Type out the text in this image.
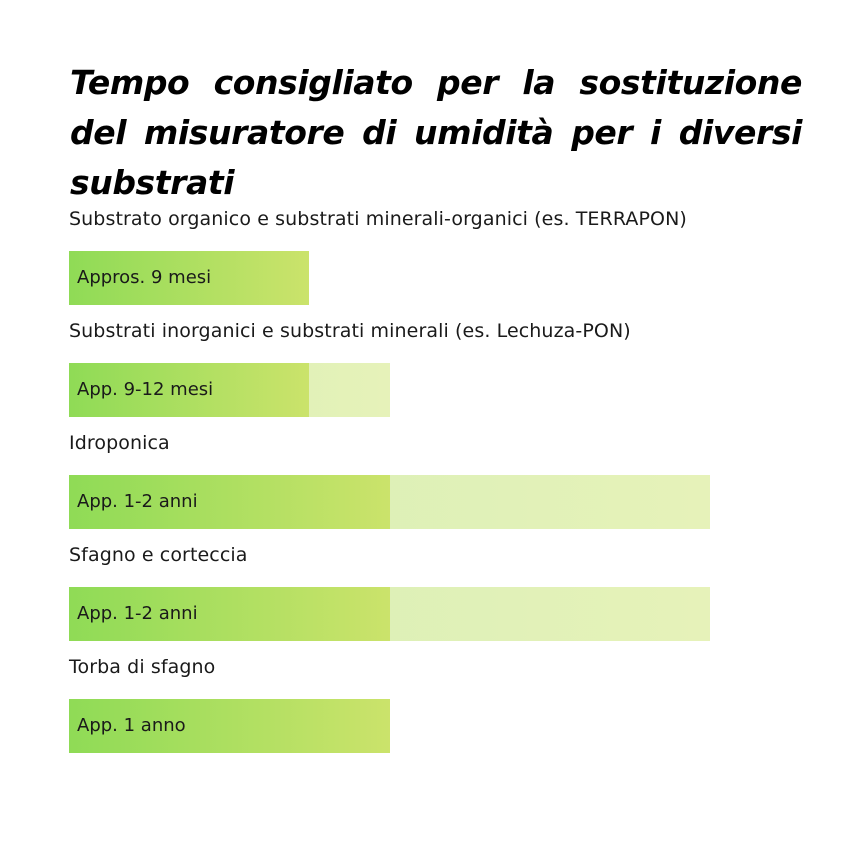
Tempo consigliato per la sostituzione del misuratore di umidità per i diversi substrati
Substrato organico e substrati minerali-organici (es. TERRAPON)
Appros. 9 mesi
Substrati inorganici e substrati minerali (es. Lechuza-PON)
App. 9-12 mesi
Idroponica
App. 1-2 anni
Sfagno e corteccia
App. 1-2 anni
Torba di sfagno
App. 1 anno
